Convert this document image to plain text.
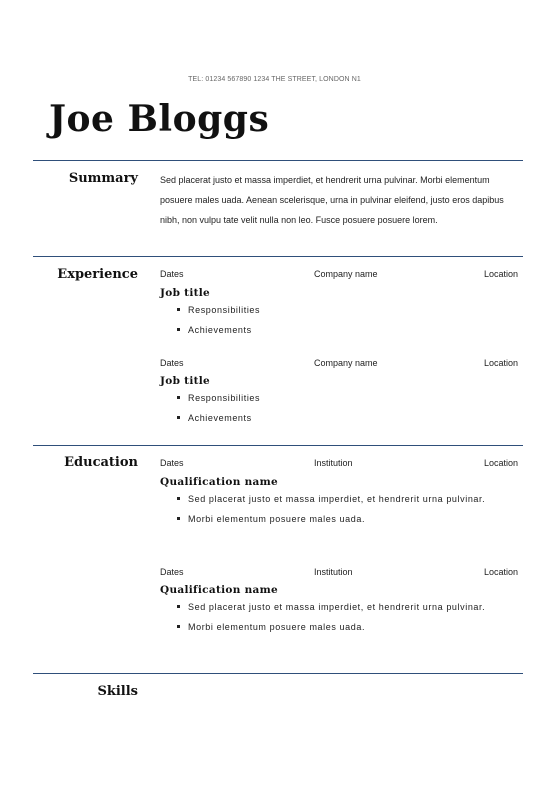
TEL: 01234 567890 1234 THE STREET, LONDON N1
Joe Bloggs
Summary Sed placerat justo et massa imperdiet, et hendrerit urna pulvinar. Morbi elementum posuere males uada. Aenean scelerisque, urna in pulvinar eleifend, justo eros dapibus nibh, non vulpu tate velit nulla non leo. Fusce posuere posuere lorem.
Experience Dates	Company name	Location
Job title
Responsibilities
Achievements
Dates	Company name	Location
Job title
Responsibilities
Achievements
Education Dates	Institution	Location
Qualification name
Sed placerat justo et massa imperdiet, et hendrerit urna pulvinar.
Morbi elementum posuere males uada.
Dates	Institution	Location
Qualification name
Sed placerat justo et massa imperdiet, et hendrerit urna pulvinar.
Morbi elementum posuere males uada.
Skills
